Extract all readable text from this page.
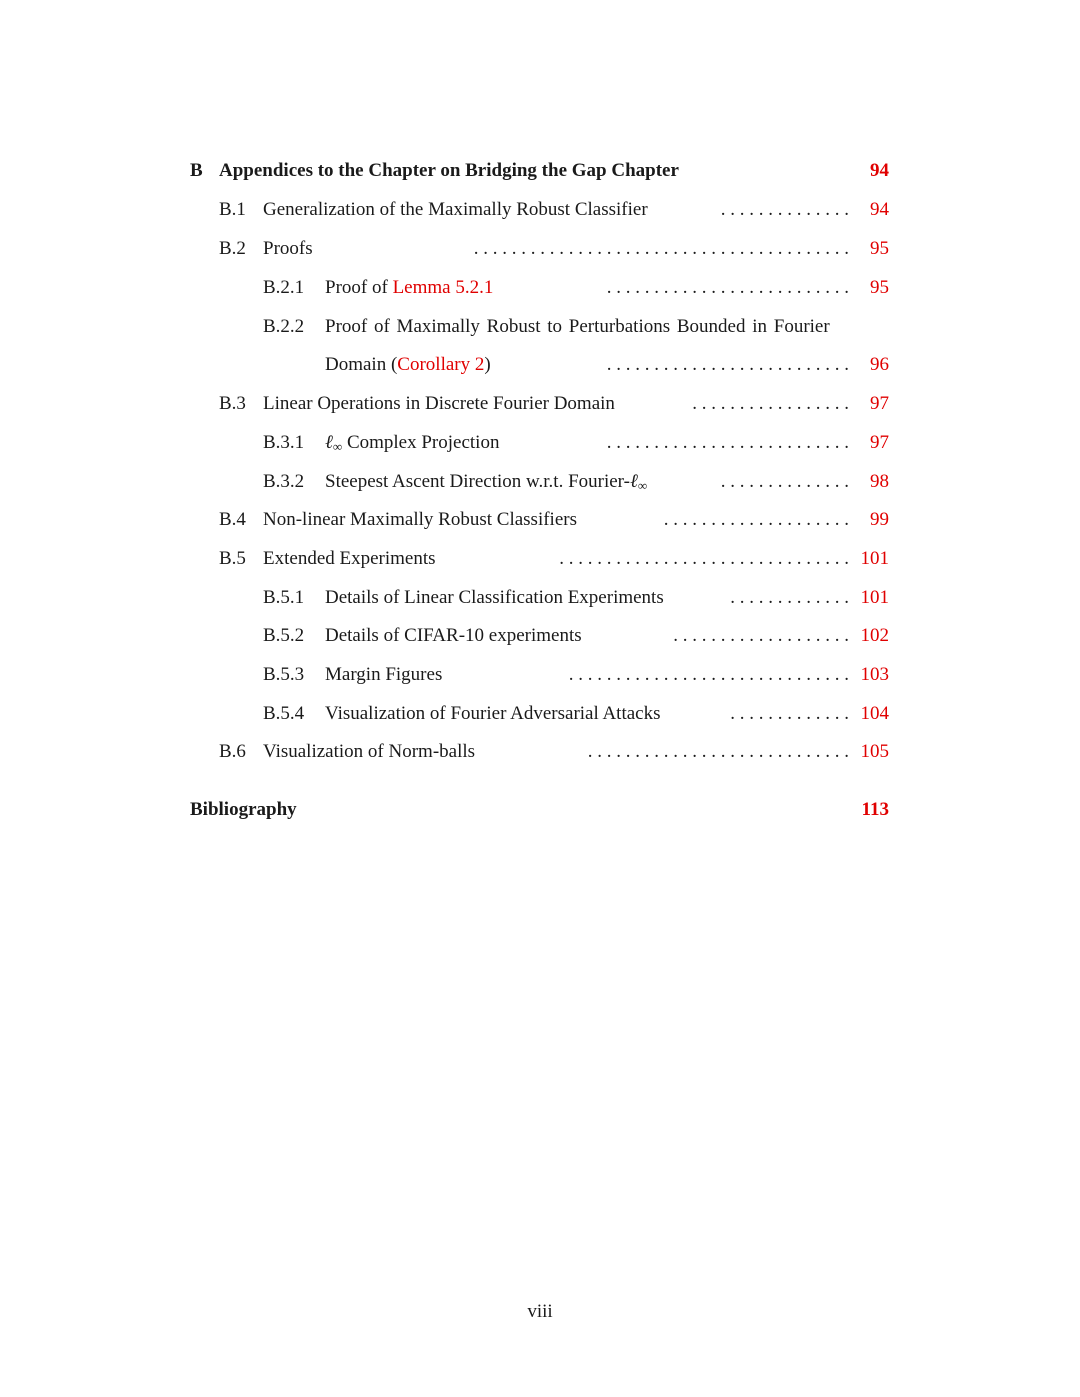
B Appendices to the Chapter on Bridging the Gap Chapter	94
. . . . . . . . . . . . . .
B.1 Generalization of the Maximally Robust Classifier	94
. . . . . . . . . . . . . . . . . . . . . . . . . . . . . . . . . . . . . . . .
B.2 Proofs	95
. . . . . . . . . . . . . . . . . . . . . . . . . .
B.2.1 Proof of Lemma 5.2.1	95
B.2.2 Proof of Maximally Robust to Perturbations Bounded in Fourier
. . . . . . . . . . . . . . . . . . . . . . . . . .
Domain (Corollary 2)	96
. . . . . . . . . . . . . . . . .
B.3 Linear Operations in Discrete Fourier Domain	97
. . . . . . . . . . . . . . . . . . . . . . . . . .
B.3.1 ℓ∞ Complex Projection	97
. . . . . . . . . . . . . .
B.3.2 Steepest Ascent Direction w.r.t. Fourier-ℓ∞	98
. . . . . . . . . . . . . . . . . . . .
B.4 Non-linear Maximally Robust Classifiers	99
. . . . . . . . . . . . . . . . . . . . . . . . . . . . . . .
B.5 Extended Experiments	101
. . . . . . . . . . . . .
B.5.1 Details of Linear Classification Experiments	101
. . . . . . . . . . . . . . . . . . .
B.5.2 Details of CIFAR-10 experiments	102
. . . . . . . . . . . . . . . . . . . . . . . . . . . . . .
B.5.3 Margin Figures	103
. . . . . . . . . . . . .
B.5.4 Visualization of Fourier Adversarial Attacks	104
. . . . . . . . . . . . . . . . . . . . . . . . . . . .
B.6 Visualization of Norm-balls	105
Bibliography	113
viii
